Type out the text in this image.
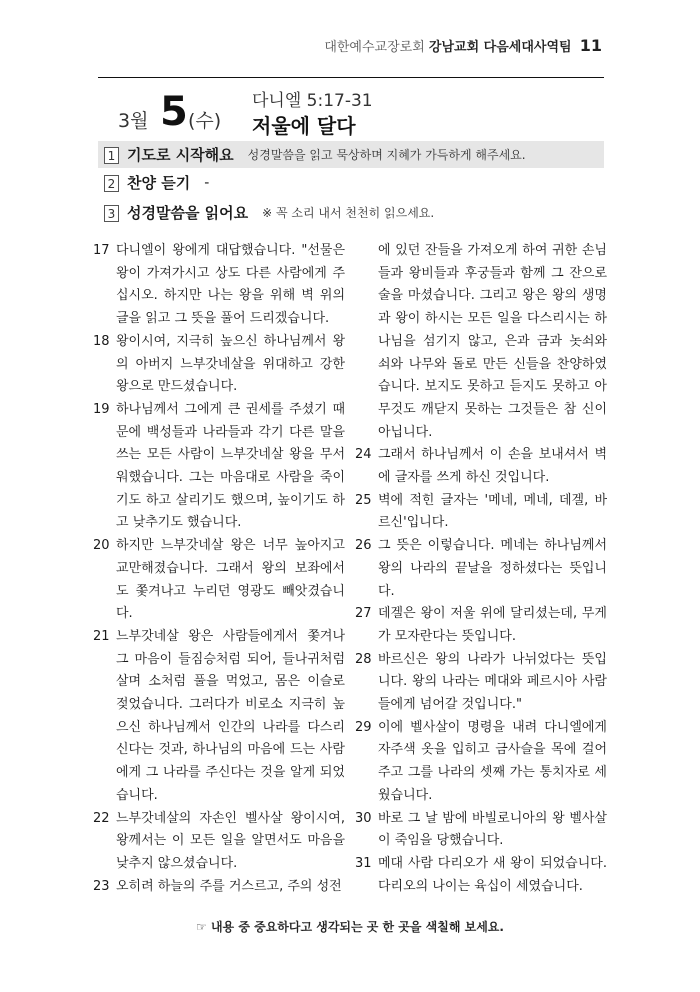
대한예수교장로회 강남교회 다음세대사역팀 11
3월 5 (수)
다니엘 5:17-31
저울에 달다
1 기도로 시작해요 성경말씀을 읽고 묵상하며 지혜가 가득하게 해주세요.
2 찬양 듣기 -
3 성경말씀을 읽어요 ※ 꼭 소리 내서 천천히 읽으세요.
17 다니엘이 왕에게 대답했습니다. "선물은 왕이 가져가시고 상도 다른 사람에게 주십시오. 하지만 나는 왕을 위해 벽 위의 글을 읽고 그 뜻을 풀어 드리겠습니다.
18 왕이시여, 지극히 높으신 하나님께서 왕의 아버지 느부갓네살을 위대하고 강한 왕으로 만드셨습니다.
19 하나님께서 그에게 큰 권세를 주셨기 때문에 백성들과 나라들과 각기 다른 말을 쓰는 모든 사람이 느부갓네살 왕을 무서워했습니다. 그는 마음대로 사람을 죽이기도 하고 살리기도 했으며, 높이기도 하고 낮추기도 했습니다.
20 하지만 느부갓네살 왕은 너무 높아지고 교만해졌습니다. 그래서 왕의 보좌에서도 쫓겨나고 누리던 영광도 빼앗겼습니다.
21 느부갓네살 왕은 사람들에게서 쫓겨나 그 마음이 들짐승처럼 되어, 들나귀처럼 살며 소처럼 풀을 먹었고, 몸은 이슬로 젖었습니다. 그러다가 비로소 지극히 높으신 하나님께서 인간의 나라를 다스리신다는 것과, 하나님의 마음에 드는 사람에게 그 나라를 주신다는 것을 알게 되었습니다.
22 느부갓네살의 자손인 벨사살 왕이시여, 왕께서는 이 모든 일을 알면서도 마음을 낮추지 않으셨습니다.
23 오히려 하늘의 주를 거스르고, 주의 성전
에 있던 잔들을 가져오게 하여 귀한 손님들과 왕비들과 후궁들과 함께 그 잔으로 술을 마셨습니다. 그리고 왕은 왕의 생명과 왕이 하시는 모든 일을 다스리시는 하나님을 섬기지 않고, 은과 금과 놋쇠와 쇠와 나무와 돌로 만든 신들을 찬양하였습니다. 보지도 못하고 듣지도 못하고 아무것도 깨닫지 못하는 그것들은 참 신이 아닙니다.
24 그래서 하나님께서 이 손을 보내셔서 벽에 글자를 쓰게 하신 것입니다.
25 벽에 적힌 글자는 '메네, 메네, 데겔, 바르신'입니다.
26 그 뜻은 이렇습니다. 메네는 하나님께서 왕의 나라의 끝날을 정하셨다는 뜻입니다.
27 데겔은 왕이 저울 위에 달리셨는데, 무게가 모자란다는 뜻입니다.
28 바르신은 왕의 나라가 나뉘었다는 뜻입니다. 왕의 나라는 메대와 페르시아 사람들에게 넘어갈 것입니다."
29 이에 벨사살이 명령을 내려 다니엘에게 자주색 옷을 입히고 금사슬을 목에 걸어 주고 그를 나라의 셋째 가는 통치자로 세웠습니다.
30 바로 그 날 밤에 바빌로니아의 왕 벨사살이 죽임을 당했습니다.
31 메대 사람 다리오가 새 왕이 되었습니다. 다리오의 나이는 육십이 세였습니다.
☞ 내용 중 중요하다고 생각되는 곳 한 곳을 색칠해 보세요.
